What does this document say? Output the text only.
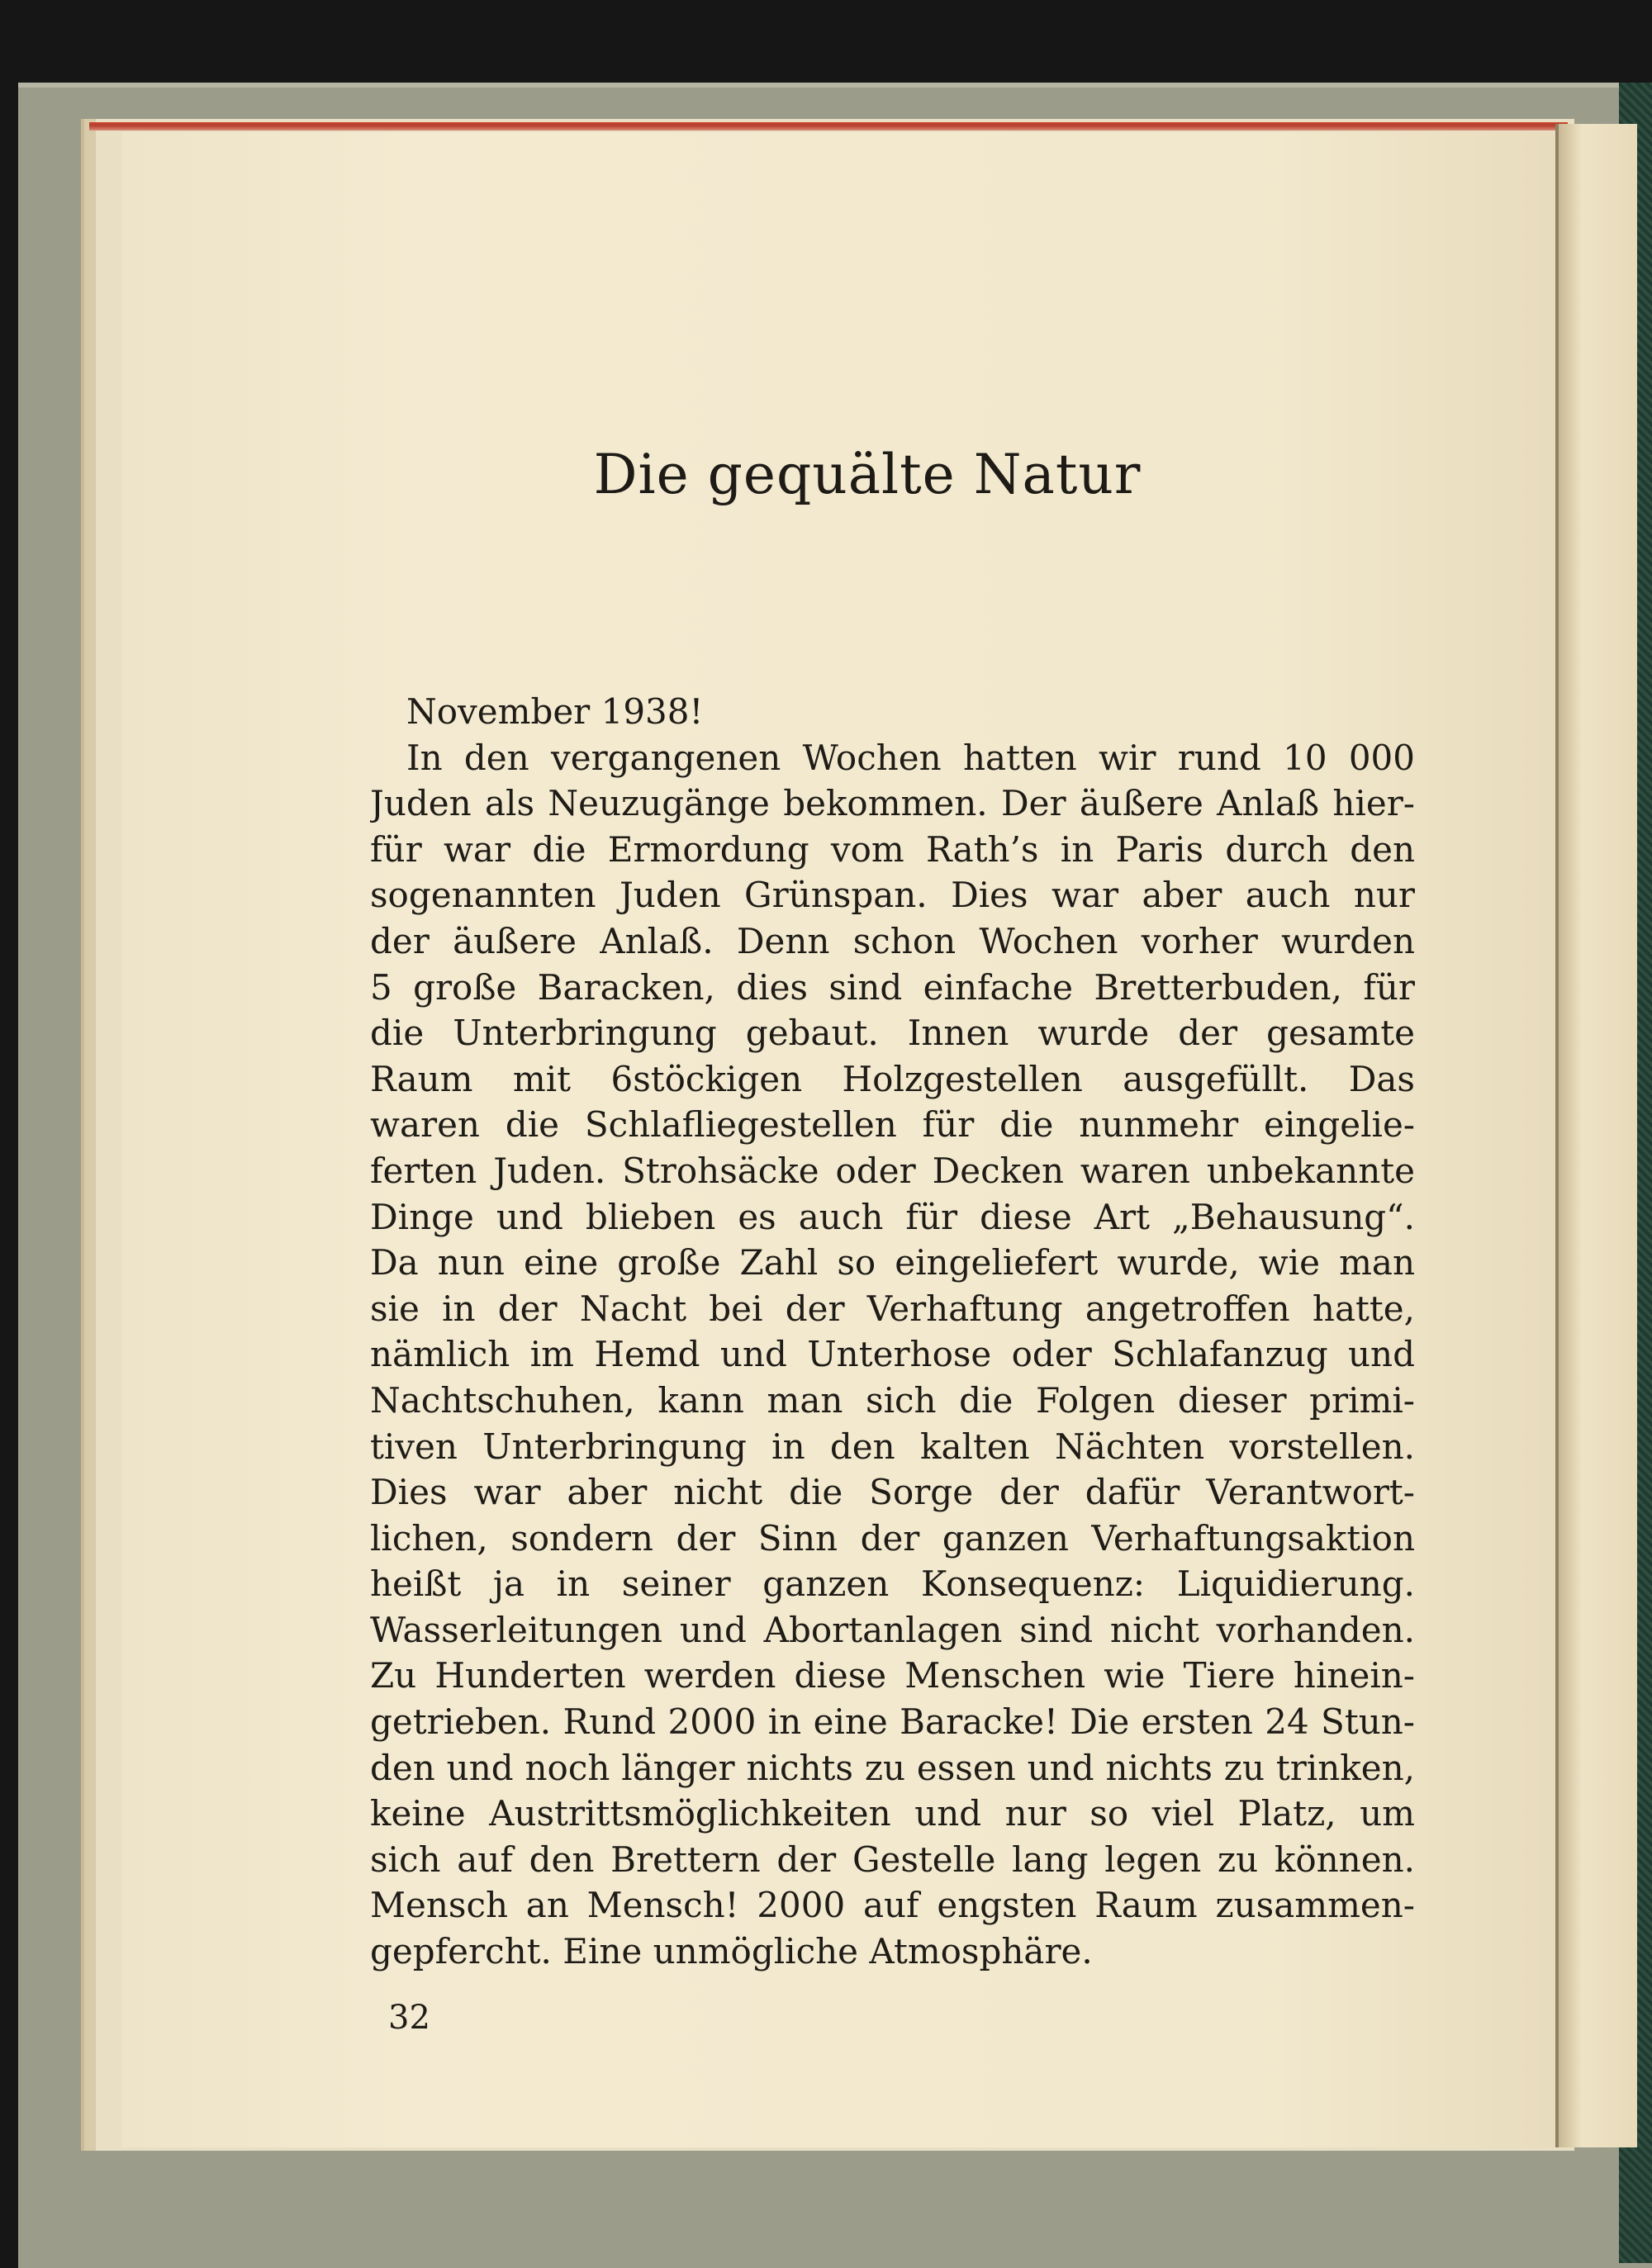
Die gequälte Natur
November 1938!
In den vergangenen Wochen hatten wir rund 10 000
Juden als Neuzugänge bekommen. Der äußere Anlaß hier-
für war die Ermordung vom Rath’s in Paris durch den
sogenannten Juden Grünspan. Dies war aber auch nur
der äußere Anlaß. Denn schon Wochen vorher wurden
5 große Baracken, dies sind einfache Bretterbuden, für
die Unterbringung gebaut. Innen wurde der gesamte
Raum mit 6stöckigen Holzgestellen ausgefüllt. Das
waren die Schlafliegestellen für die nunmehr eingelie-
ferten Juden. Strohsäcke oder Decken waren unbekannte
Dinge und blieben es auch für diese Art „Behausung“.
Da nun eine große Zahl so eingeliefert wurde, wie man
sie in der Nacht bei der Verhaftung angetroffen hatte,
nämlich im Hemd und Unterhose oder Schlafanzug und
Nachtschuhen, kann man sich die Folgen dieser primi-
tiven Unterbringung in den kalten Nächten vorstellen.
Dies war aber nicht die Sorge der dafür Verantwort-
lichen, sondern der Sinn der ganzen Verhaftungsaktion
heißt ja in seiner ganzen Konsequenz: Liquidierung.
Wasserleitungen und Abortanlagen sind nicht vorhanden.
Zu Hunderten werden diese Menschen wie Tiere hinein-
getrieben. Rund 2000 in eine Baracke! Die ersten 24 Stun-
den und noch länger nichts zu essen und nichts zu trinken,
keine Austrittsmöglichkeiten und nur so viel Platz, um
sich auf den Brettern der Gestelle lang legen zu können.
Mensch an Mensch! 2000 auf engsten Raum zusammen-
gepfercht. Eine unmögliche Atmosphäre.
32
